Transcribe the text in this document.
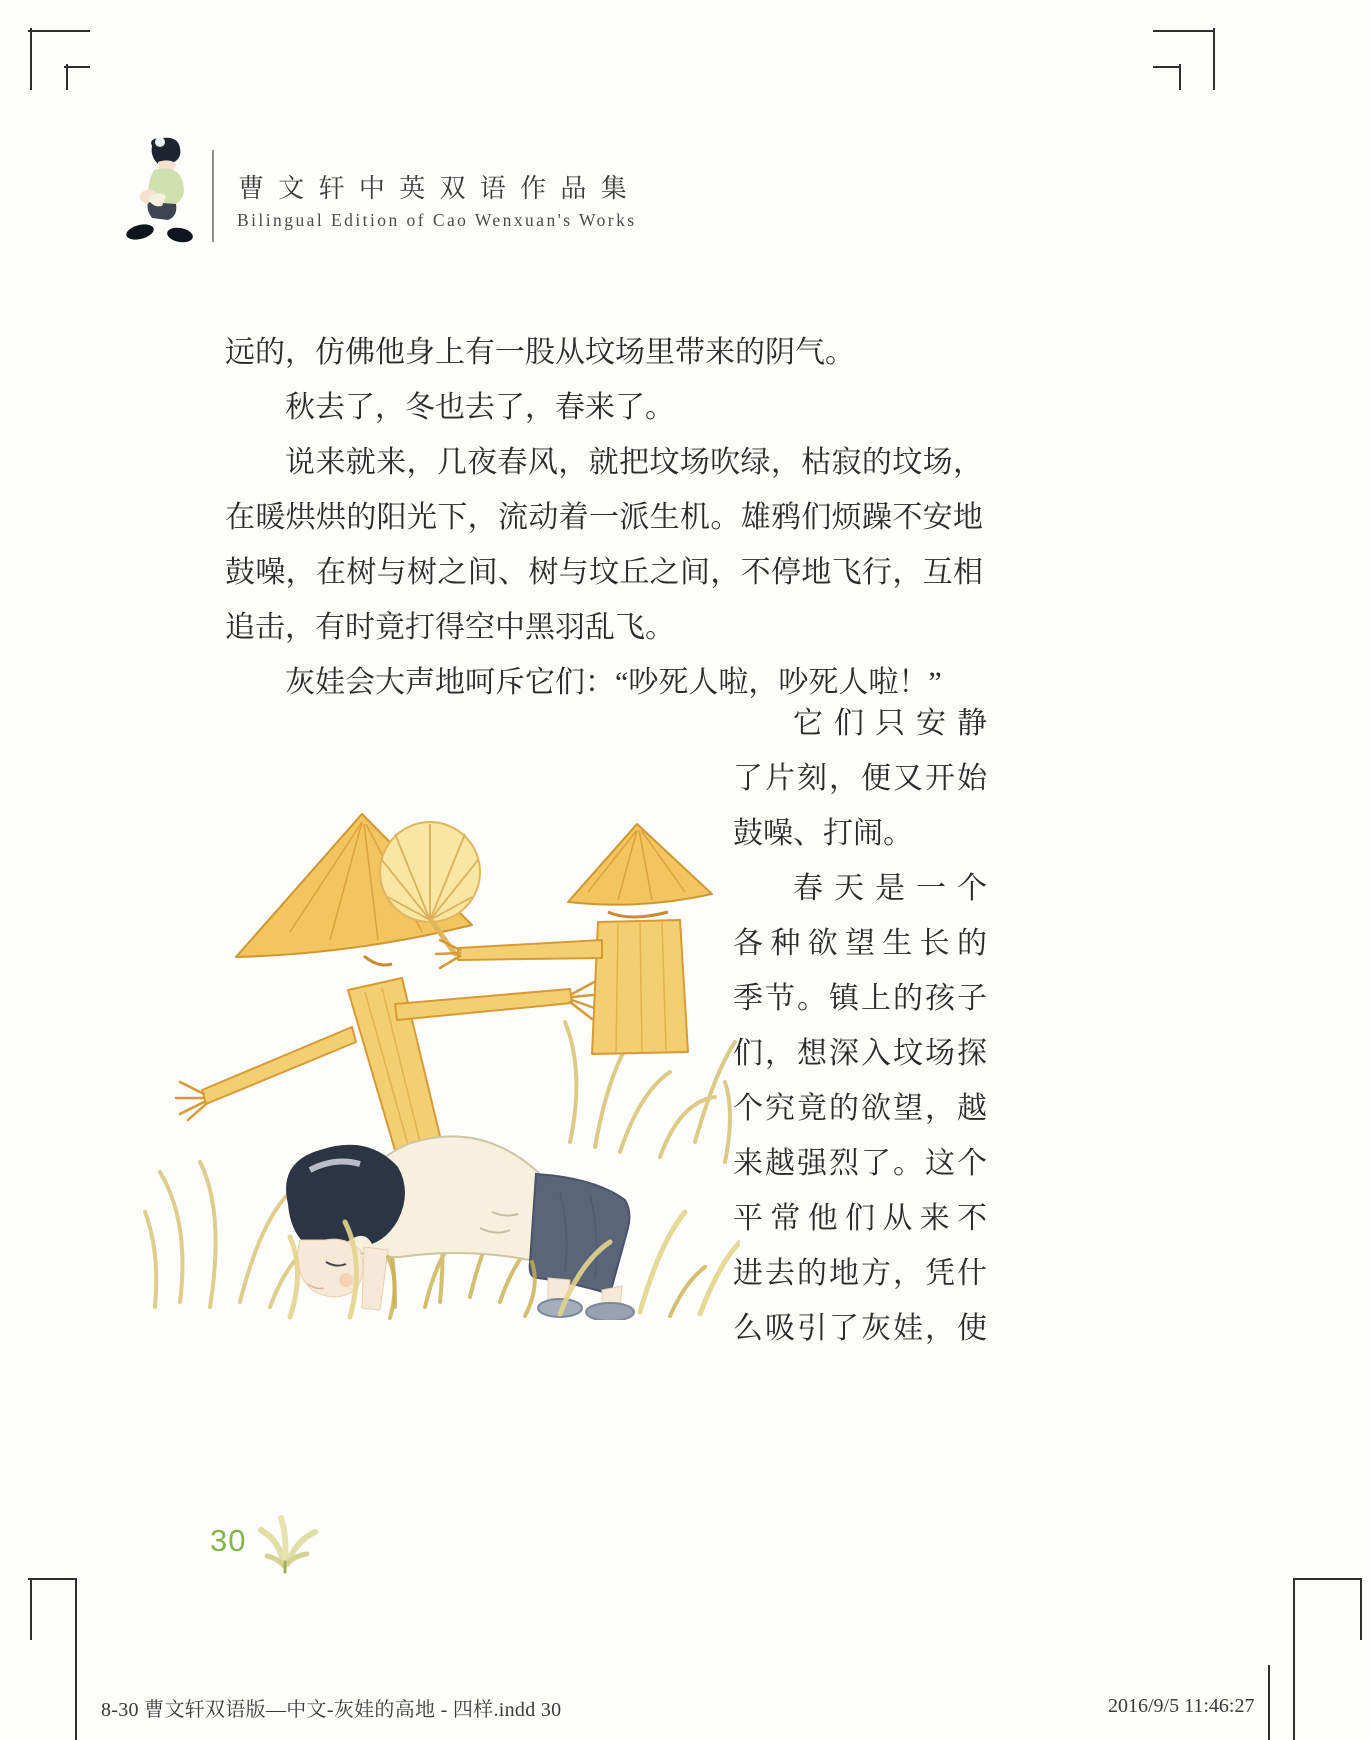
曹文轩中英双语作品集
Bilingual Edition of Cao Wenxuan's Works
远的，仿佛他身上有一股从坟场里带来的阴气。
秋去了，冬也去了，春来了。
说来就来，几夜春风，就把坟场吹绿，枯寂的坟场，
在暖烘烘的阳光下，流动着一派生机。雄鸦们烦躁不安地
鼓噪，在树与树之间、树与坟丘之间，不停地飞行，互相
追击，有时竟打得空中黑羽乱飞。
灰娃会大声地呵斥它们：“吵死人啦，吵死人啦！”
它们只安静
了片刻，便又开始
鼓噪、打闹。
春天是一个
各种欲望生长的
季节。镇上的孩子
们，想深入坟场探
个究竟的欲望，越
来越强烈了。这个
平常他们从来不
进去的地方，凭什
么吸引了灰娃，使
30
8-30 曹文轩双语版—中文-灰娃的高地 - 四样.indd 30	2016/9/5 11:46:27
